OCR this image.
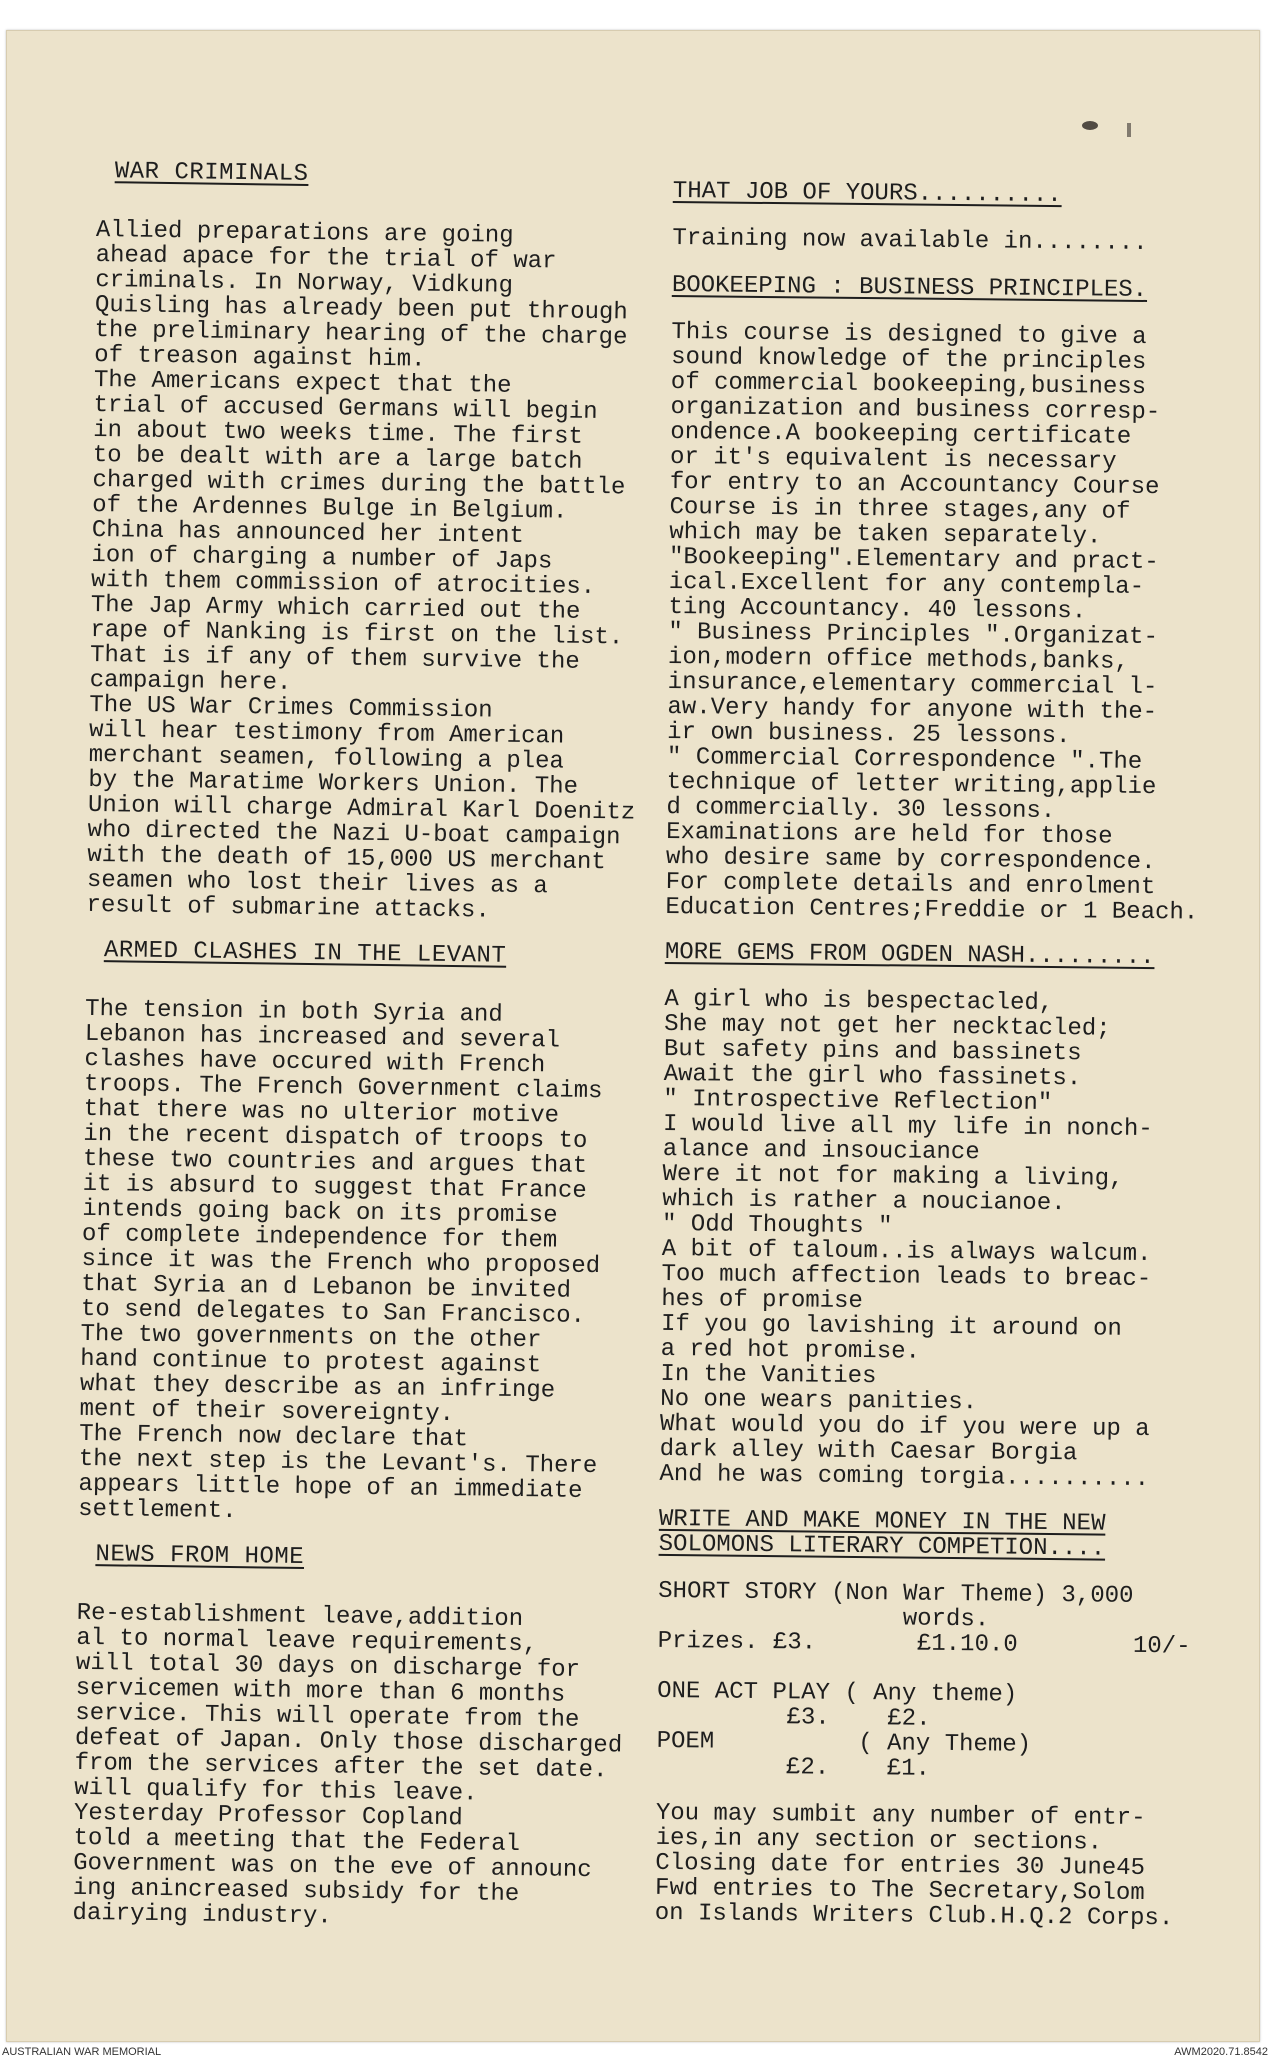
WAR CRIMINALS
Allied preparations are going
ahead apace for the trial of war
criminals. In Norway, Vidkung
Quisling has already been put through
the preliminary hearing of the charge
of treason against him.
The Americans expect that the
trial of accused Germans will begin
in about two weeks time. The first
to be dealt with are a large batch
charged with crimes during the battle
of the Ardennes Bulge in Belgium.
China has announced her intent
ion of charging a number of Japs
with them commission of atrocities.
The Jap Army which carried out the
rape of Nanking is first on the list.
That is if any of them survive the
campaign here.
The US War Crimes Commission
will hear testimony from American
merchant seamen, following a plea
by the Maratime Workers Union. The
Union will charge Admiral Karl Doenitz
who directed the Nazi U-boat campaign
with the death of 15,000 US merchant
seamen who lost their lives as a
result of submarine attacks.
ARMED CLASHES IN THE LEVANT
The tension in both Syria and
Lebanon has increased and several
clashes have occured with French
troops. The French Government claims
that there was no ulterior motive
in the recent dispatch of troops to
these two countries and argues that
it is absurd to suggest that France
intends going back on its promise
of complete independence for them
since it was the French who proposed
that Syria an d Lebanon be invited
to send delegates to San Francisco.
The two governments on the other
hand continue to protest against
what they describe as an infringe
ment of their sovereignty.
The French now declare that
the next step is the Levant's. There
appears little hope of an immediate
settlement.
NEWS FROM HOME
Re-establishment leave,addition
al to normal leave requirements,
will total 30 days on discharge for
servicemen with more than 6 months
service. This will operate from the
defeat of Japan. Only those discharged
from the services after the set date.
will qualify for this leave.
Yesterday Professor Copland
told a meeting that the Federal
Government was on the eve of announc
ing anincreased subsidy for the
dairying industry.
THAT JOB OF YOURS..........
Training now available in........
BOOKEEPING : BUSINESS PRINCIPLES.
This course is designed to give a
sound knowledge of the principles
of commercial bookeeping,business
organization and business corresp-
ondence.A bookeeping certificate
or it's equivalent is necessary
for entry to an Accountancy Course
Course is in three stages,any of
which may be taken separately.
"Bookeeping".Elementary and pract-
ical.Excellent for any contempla-
ting Accountancy. 40 lessons.
" Business Principles ".Organizat-
ion,modern office methods,banks,
insurance,elementary commercial l-
aw.Very handy for anyone with the-
ir own business. 25 lessons.
" Commercial Correspondence ".The
technique of letter writing,applie
d commercially. 30 lessons.
Examinations are held for those
who desire same by correspondence.
For complete details and enrolment
Education Centres;Freddie or 1 Beach.
MORE GEMS FROM OGDEN NASH.........
A girl who is bespectacled,
She may not get her necktacled;
But safety pins and bassinets
Await the girl who fassinets.
" Introspective Reflection"
I would live all my life in nonch-
alance and insouciance
Were it not for making a living,
which is rather a noucianoe.
" Odd Thoughts "
A bit of taloum..is always walcum.
Too much affection leads to breac-
hes of promise
If you go lavishing it around on
a red hot promise.
In the Vanities
No one wears panities.
What would you do if you were up a
dark alley with Caesar Borgia
And he was coming torgia..........
WRITE AND MAKE MONEY IN THE NEW
SOLOMONS LITERARY COMPETION....
SHORT STORY (Non War Theme) 3,000
words.
Prizes. £3.       £1.10.0        10/-

ONE ACT PLAY ( Any theme)
£3.    £2.
POEM          ( Any Theme)
£2.    £1.
You may sumbit any number of entr-
ies,in any section or sections.
Closing date for entries 30 June45
Fwd entries to The Secretary,Solom
on Islands Writers Club.H.Q.2 Corps.
AUSTRALIAN WAR MEMORIAL	AWM2020.71.8542
